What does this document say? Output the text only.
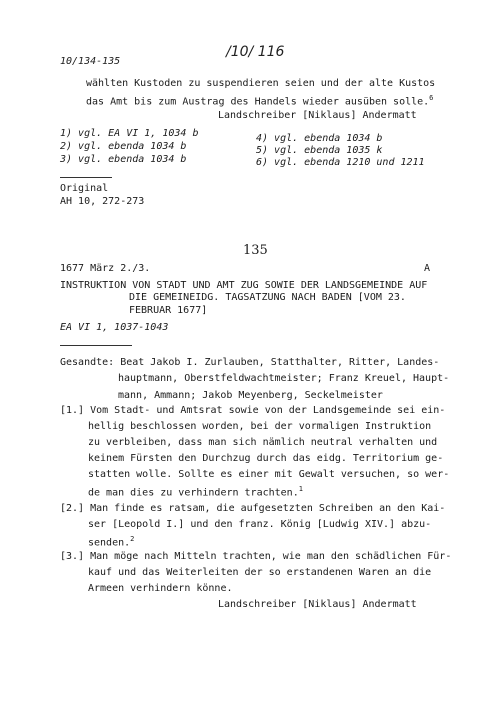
/10/ 116
10/134-135
wählten Kustoden zu suspendieren seien und der alte Kustos
das Amt bis zum Austrag des Handels wieder ausüben solle.$^6$
Landschreiber [Niklaus] Andermatt
1) vgl. EA VI 1, 1034 b
2) vgl. ebenda 1034 b
3) vgl. ebenda 1034 b
4) vgl. ebenda 1034 b
5) vgl. ebenda 1035 k
6) vgl. ebenda 1210 und 1211
Original
AH 10, 272-273
135
1677 März 2./3.	A
INSTRUKTION VON STADT UND AMT ZUG SOWIE DER LANDSGEMEINDE AUF
DIE GEMEINEIDG. TAGSATZUNG NACH BADEN [VOM 23.
FEBRUAR 1677]
EA VI 1, 1037-1043
Gesandte: Beat Jakob I. Zurlauben, Statthalter, Ritter, Landes-
hauptmann, Oberstfeldwachtmeister; Franz Kreuel, Haupt-
mann, Ammann; Jakob Meyenberg, Seckelmeister
[1.] Vom Stadt- und Amtsrat sowie von der Landsgemeinde sei ein-
hellig beschlossen worden, bei der vormaligen Instruktion
zu verbleiben, dass man sich nämlich neutral verhalten und
keinem Fürsten den Durchzug durch das eidg. Territorium ge-
statten wolle. Sollte es einer mit Gewalt versuchen, so wer-
de man dies zu verhindern trachten.$^1$
[2.] Man finde es ratsam, die aufgesetzten Schreiben an den Kai-
ser [Leopold I.] und den franz. König [Ludwig XIV.] abzu-
senden.$^2$
[3.] Man möge nach Mitteln trachten, wie man den schädlichen Für-
kauf und das Weiterleiten der so erstandenen Waren an die
Armeen verhindern könne.
Landschreiber [Niklaus] Andermatt
